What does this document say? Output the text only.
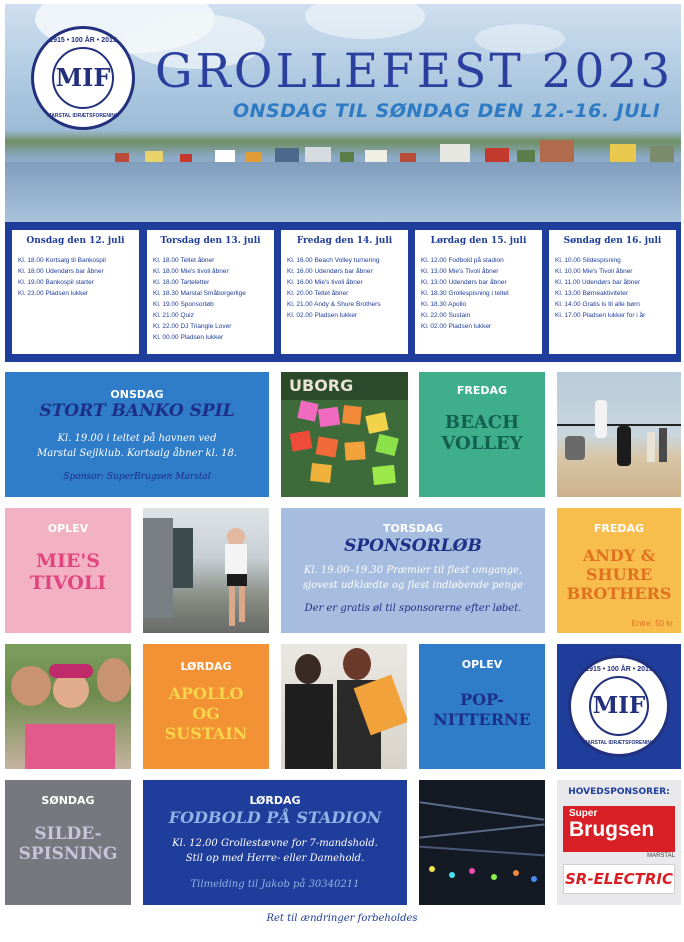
1915 • 100 ÅR • 2015
MIF
MARSTAL IDRÆTSFORENING
GROLLEFEST 2023
ONSDAG TIL SØNDAG DEN 12.-16. JULI
Onsdag den 12. juli
Kl. 18.00 Kortsalg til Bankospil
Kl. 18.00 Udendørs bar åbner
Kl. 19.00 Bankospil starter
Kl. 23.00 Pladsen lukker
Torsdag den 13. juli
Kl. 18.00 Teltet åbner
Kl. 18.00 Mie's tivoli åbner
Kl. 18.00 Tarteletter
Kl. 18.30 Marstal Småborgerlige
Kl. 19.00 Sponsorløb
Kl. 21.00 Quiz
Kl. 22.00 DJ Triangle Lover
Kl. 00.00 Pladsen lukker
Fredag den 14. juli
Kl. 16.00 Beach Volley turnering
Kl. 16.00 Udendørs bar åbner
Kl. 16.00 Mie's tivoli åbner
Kl. 20.00 Teltet åbner
Kl. 21.00 Andy & Shure Brothers
Kl. 02.00 Pladsen lukker
Lørdag den 15. juli
Kl. 12.00 Fodbold på stadion
Kl. 13.00 Mie's Tivoli åbner
Kl. 13.00 Udendørs bar åbner
Kl. 18.30 Grollespisning i teltet
Kl. 18.30 Apollo
Kl. 22.00 Sustain
Kl. 02.00 Pladsen lukker
Søndag den 16. juli
Kl. 10.00 Sildespisning
Kl. 10.00 Mie's Tivoli åbner
Kl. 11.00 Udendørs bar åbner
Kl. 13.00 Børneaktiviteter
Kl. 14.00 Gratis is til alle børn
Kl. 17.00 Pladsen lukker for i år
ONSDAG
STORT BANKO SPIL
Kl. 19.00 i teltet på havnen ved
Marstal Sejlklub. Kortsalg åbner kl. 18.
Sponsor: SuperBrugsen Marstal
UBORG	FREDAG
BEACH
VOLLEY
OPLEV
MIE'S
TIVOLI
TORSDAG
SPONSORLØB
Kl. 19.00–19.30 Præmier til flest omgange,
sjovest udklædte og flest indløbende penge
Der er gratis øl til sponsorerne efter løbet.
FREDAG
ANDY &
SHURE
BROTHERS
Entre. 50 kr
LØRDAG
APOLLO
OG
SUSTAIN
OPLEV
POP-
NITTERNE
1915 • 100 ÅR • 2015
MIF
MARSTAL IDRÆTSFORENING
SØNDAG
SILDE-
SPISNING
LØRDAG
FODBOLD PÅ STADION
Kl. 12.00 Grollestævne for 7-mandshold.
Stil op med Herre- eller Damehold.
Tilmelding til Jakob på 30340211
HOVEDSPONSORER:
Super
Brugsen
MARSTAL
SR-ELECTRIC
Ret til ændringer forbeholdes
